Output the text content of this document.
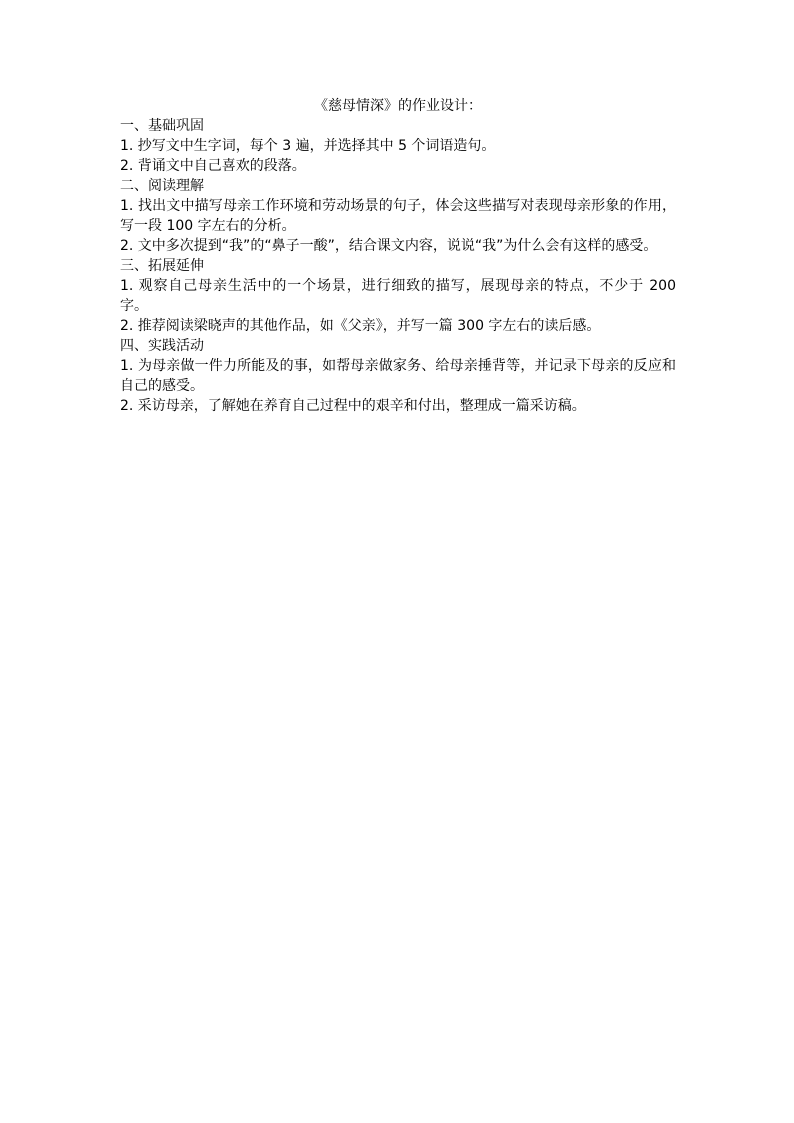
《慈母情深》的作业设计：

一、基础巩固

1. 抄写文中生字词，每个 3 遍，并选择其中 5 个词语造句。

2. 背诵文中自己喜欢的段落。

二、阅读理解

1. 找出文中描写母亲工作环境和劳动场景的句子，体会这些描写对表现母亲形象的作用，写一段 100 字左右的分析。

2. 文中多次提到“我”的“鼻子一酸”，结合课文内容，说说“我”为什么会有这样的感受。

三、拓展延伸

1. 观察自己母亲生活中的一个场景，进行细致的描写，展现母亲的特点，不少于 200 字。

2. 推荐阅读梁晓声的其他作品，如《父亲》，并写一篇 300 字左右的读后感。

四、实践活动

1. 为母亲做一件力所能及的事，如帮母亲做家务、给母亲捶背等，并记录下母亲的反应和自己的感受。

2. 采访母亲，了解她在养育自己过程中的艰辛和付出，整理成一篇采访稿。
